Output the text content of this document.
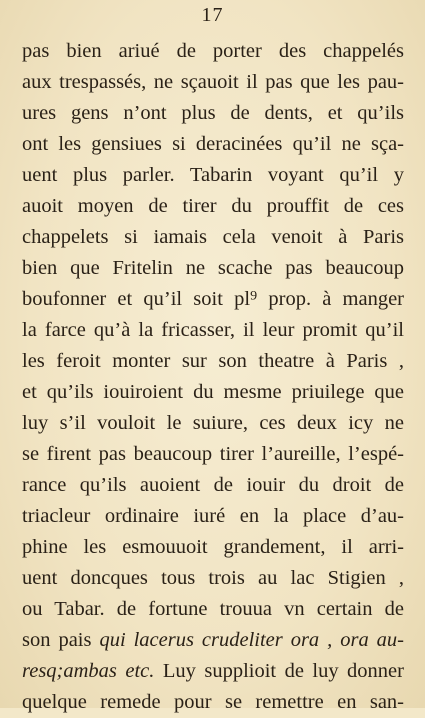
17
pas bien ariué de porter des chappelés
aux trespassés, ne sçauoit il pas que les pau-
ures gens n’ont plus de dents, et qu’ils
ont les gensiues si deracinées qu’il ne sça-
uent plus parler. Tabarin voyant qu’il y
auoit moyen de tirer du prouffit de ces
chappelets si iamais cela venoit à Paris
bien que Fritelin ne scache pas beaucoup
boufonner et qu’il soit pl⁹ prop. à manger
la farce qu’à la fricasser, il leur promit qu’il
les feroit monter sur son theatre à Paris ,
et qu’ils iouiroient du mesme priuilege que
luy s’il vouloit le suiure, ces deux icy ne
se firent pas beaucoup tirer l’aureille, l’espé-
rance qu’ils auoient de iouir du droit de
triacleur ordinaire iuré en la place d’au-
phine les esmouuoit grandement, il arri-
uent doncques tous trois au lac Stigien ,
ou Tabar. de fortune trouua vn certain de
son pais qui lacerus crudeliter ora , ora au-
resq;ambas etc. Luy supplioit de luy donner
quelque remede pour se remettre en san-
